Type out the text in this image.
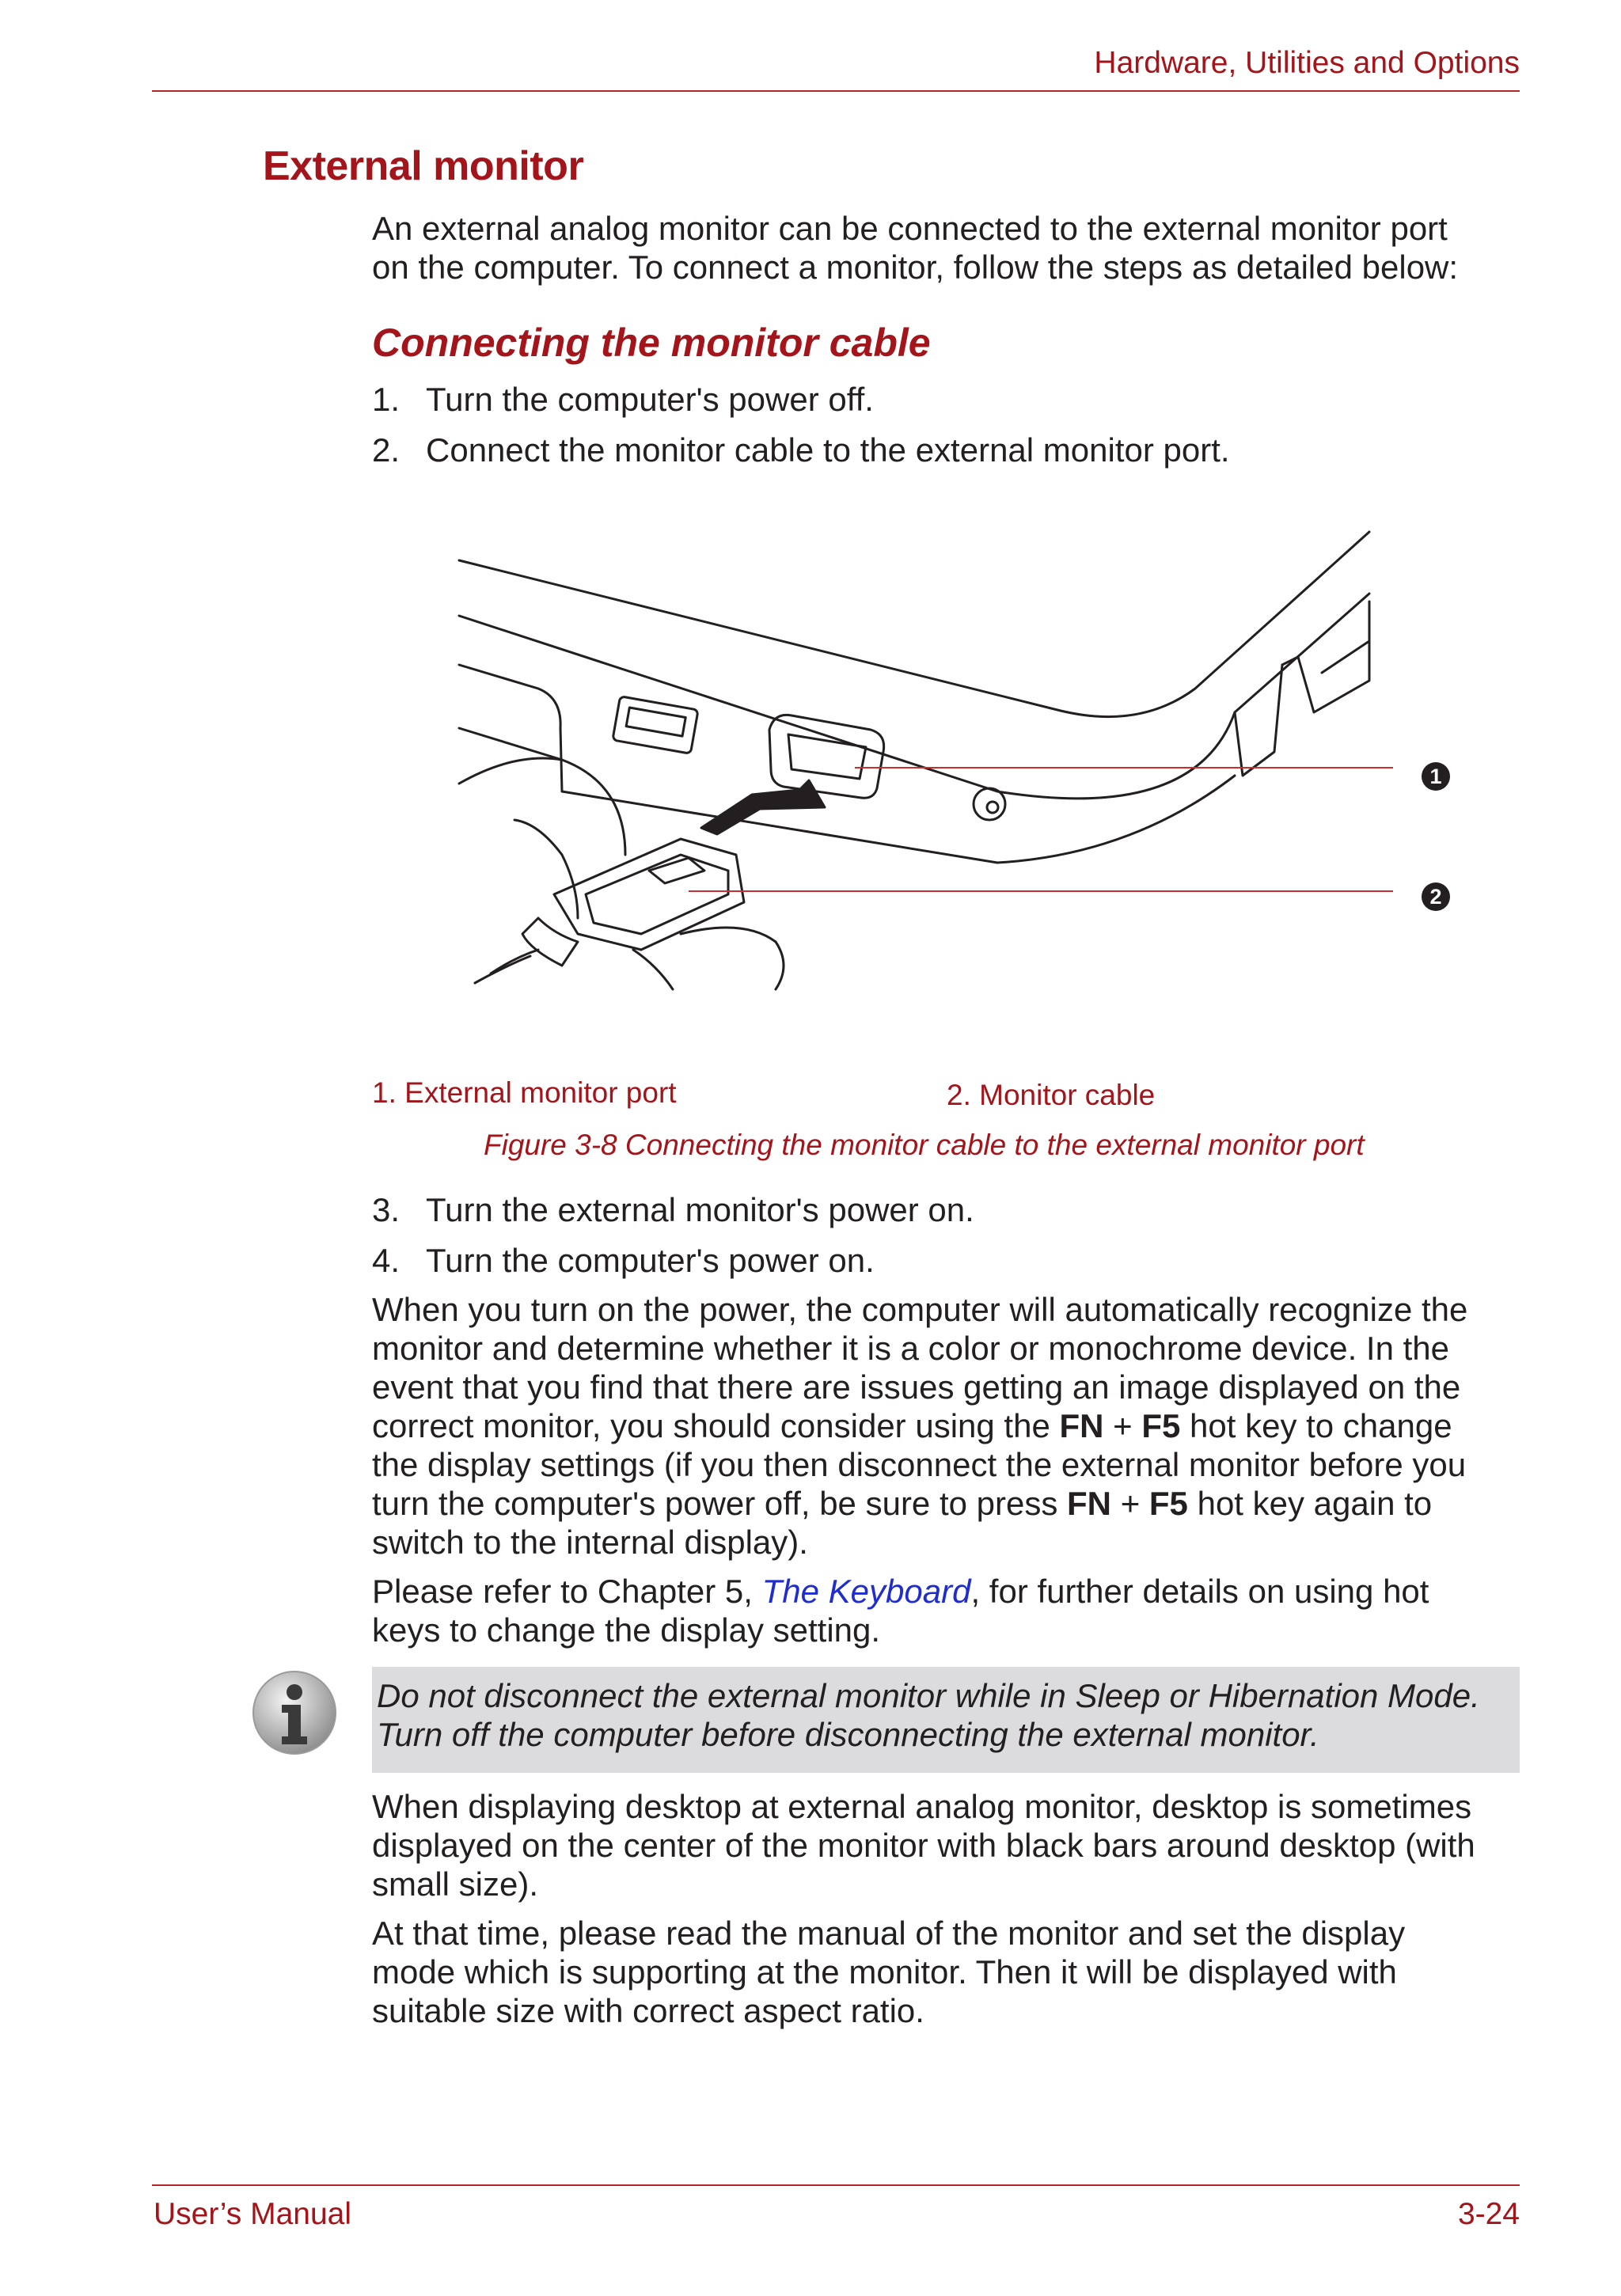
Hardware, Utilities and Options
External monitor
An external analog monitor can be connected to the external monitor port
on the computer. To connect a monitor, follow the steps as detailed below:
Connecting the monitor cable
1. Turn the computer's power off.
2. Connect the monitor cable to the external monitor port.
1
2
1. External monitor port	2. Monitor cable
Figure 3-8 Connecting the monitor cable to the external monitor port
3. Turn the external monitor's power on.
4. Turn the computer's power on.
When you turn on the power, the computer will automatically recognize the
monitor and determine whether it is a color or monochrome device. In the
event that you find that there are issues getting an image displayed on the
correct monitor, you should consider using the FN + F5 hot key to change
the display settings (if you then disconnect the external monitor before you
turn the computer's power off, be sure to press FN + F5 hot key again to
switch to the internal display).
Please refer to Chapter 5, The Keyboard, for further details on using hot
keys to change the display setting.
Do not disconnect the external monitor while in Sleep or Hibernation Mode.
Turn off the computer before disconnecting the external monitor.
When displaying desktop at external analog monitor, desktop is sometimes
displayed on the center of the monitor with black bars around desktop (with
small size).
At that time, please read the manual of the monitor and set the display
mode which is supporting at the monitor. Then it will be displayed with
suitable size with correct aspect ratio.
User’s Manual	3-24
